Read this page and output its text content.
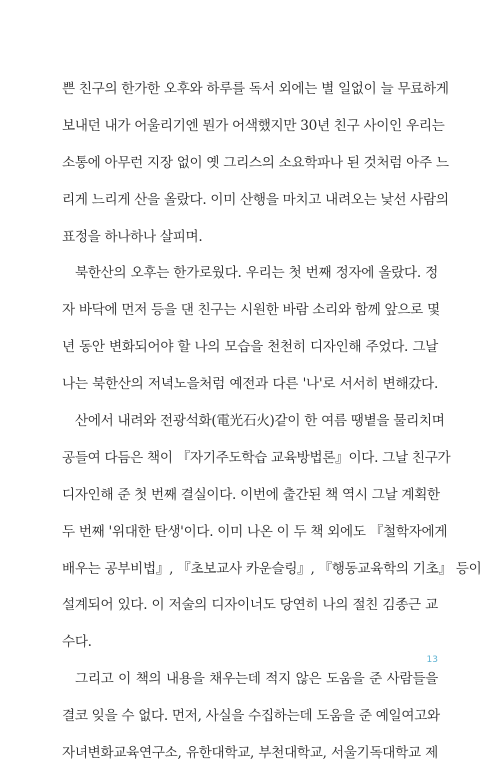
쁜 친구의 한가한 오후와 하루를 독서 외에는 별 일없이 늘 무료하게
보내던 내가 어울리기엔 뭔가 어색했지만 30년 친구 사이인 우리는
소통에 아무런 지장 없이 옛 그리스의 소요학파나 된 것처럼 아주 느
리게 느리게 산을 올랐다. 이미 산행을 마치고 내려오는 낯선 사람의
표정을 하나하나 살피며.
북한산의 오후는 한가로웠다. 우리는 첫 번째 정자에 올랐다. 정
자 바닥에 먼저 등을 댄 친구는 시원한 바람 소리와 함께 앞으로 몇
년 동안 변화되어야 할 나의 모습을 천천히 디자인해 주었다. 그날
나는 북한산의 저녁노을처럼 예전과 다른 '나'로 서서히 변해갔다.
산에서 내려와 전광석화(電光石火)같이 한 여름 땡볕을 물리치며
공들여 다듬은 책이 『자기주도학습 교육방법론』이다. 그날 친구가
디자인해 준 첫 번째 결실이다. 이번에 출간된 책 역시 그날 계획한
두 번째 '위대한 탄생'이다. 이미 나온 이 두 책 외에도 『철학자에게
배우는 공부비법』, 『초보교사 카운슬링』, 『행동교육학의 기초』 등이
설계되어 있다. 이 저술의 디자이너도 당연히 나의 절친 김종근 교
수다.
그리고 이 책의 내용을 채우는데 적지 않은 도움을 준 사람들을
결코 잊을 수 없다. 먼저, 사실을 수집하는데 도움을 준 예일여고와
자녀변화교육연구소, 유한대학교, 부천대학교, 서울기독대학교 제
13
